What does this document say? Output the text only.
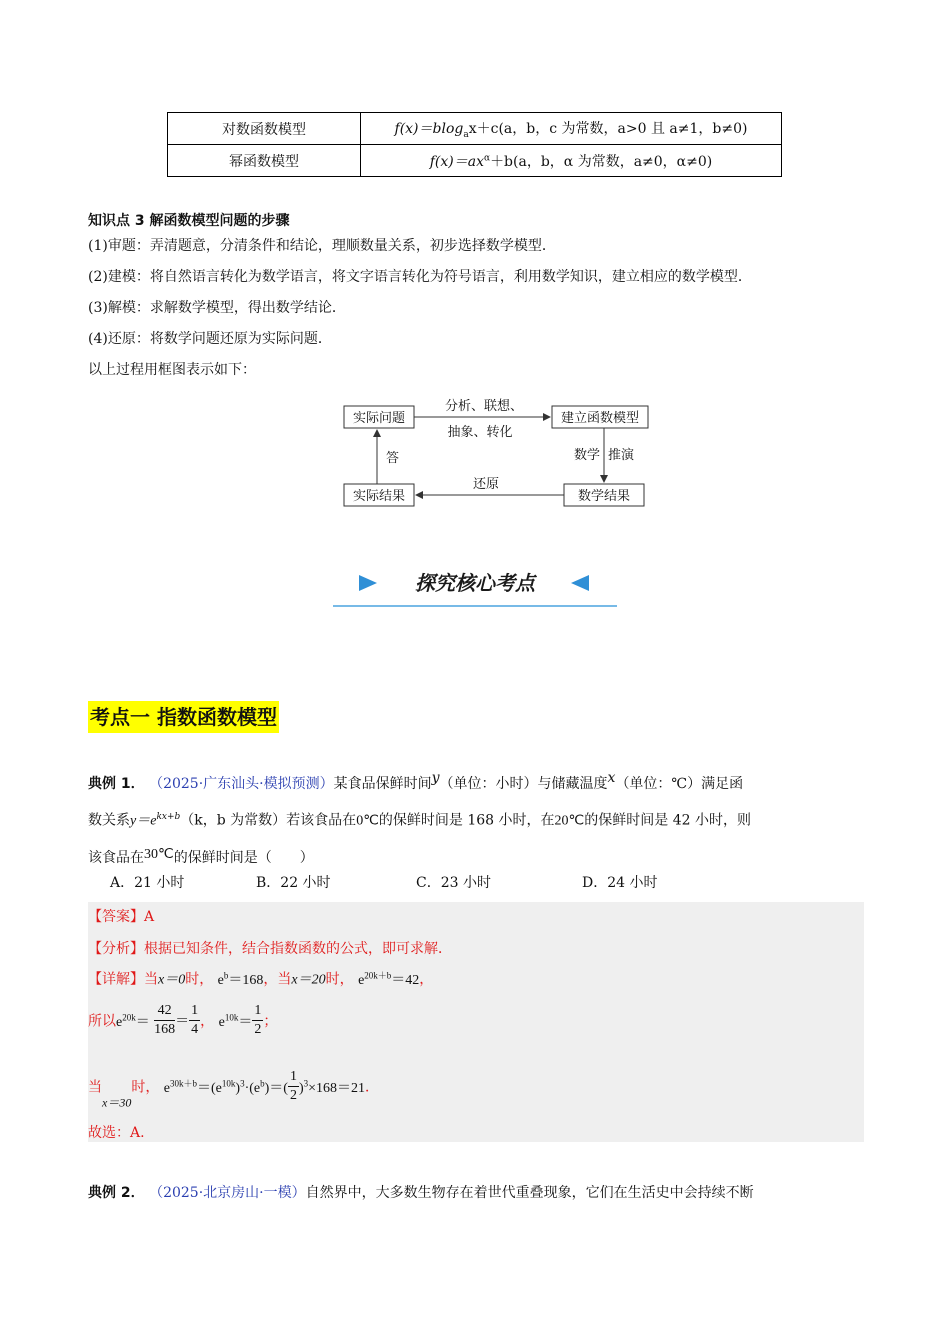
对数函数模型	f(x)＝blog$_a$x＋c(a，b，c 为常数，a>0 且 a≠1，b≠0)
幂函数模型	$f(x)=ax^\alpha+b(a$，b，α 为常数，a≠0，α≠0)
知识点 3 解函数模型问题的步骤

(1)审题：弄清题意，分清条件和结论，理顺数量关系，初步选择数学模型．

(2)建模：将自然语言转化为数学语言，将文字语言转化为符号语言，利用数学知识，建立相应的数学模型．

(3)解模：求解数学模型，得出数学结论．

(4)还原：将数学问题还原为实际问题．

以上过程用框图表示如下：

实际问题	建立函数模型
数学结果
实际结果
分析、联想、
抽象、转化
数学 推演
还原
答
探究核心考点
考点一 指数函数模型
典例 1． （2025·广东汕头·模拟预测）某食品保鲜时间y（单位：小时）与储藏温度x（单位：℃）满足函
数关系$y=e^{kx+b}(k$，b 为常数）若该食品在0℃的保鲜时间是 168 小时，在20℃的保鲜时间是 42 小时，则
该食品在30℃的保鲜时间是（　　）
A．21 小时	B．22 小时	C．23 小时	D．24 小时
【答案】A
【分析】根据已知条件，结合指数函数的公式，即可求解．
【详解】当x＝0时， $e^b=168$，当x＝20时， $e^{20k+b}=42$，
所以$e^{20k}= \frac{42}{168} = \frac{1}{4}$ ， $e^{10k}= \frac{1}{2}$ ；
当x＝30时， $e^{30k+b}=(e^{10k})^3\cdot(e^b)=( \frac{1}{2} )^3\times 168=21$．
故选：A.
典例 2． （2025·北京房山·一模）自然界中，大多数生物存在着世代重叠现象，它们在生活史中会持续不断
